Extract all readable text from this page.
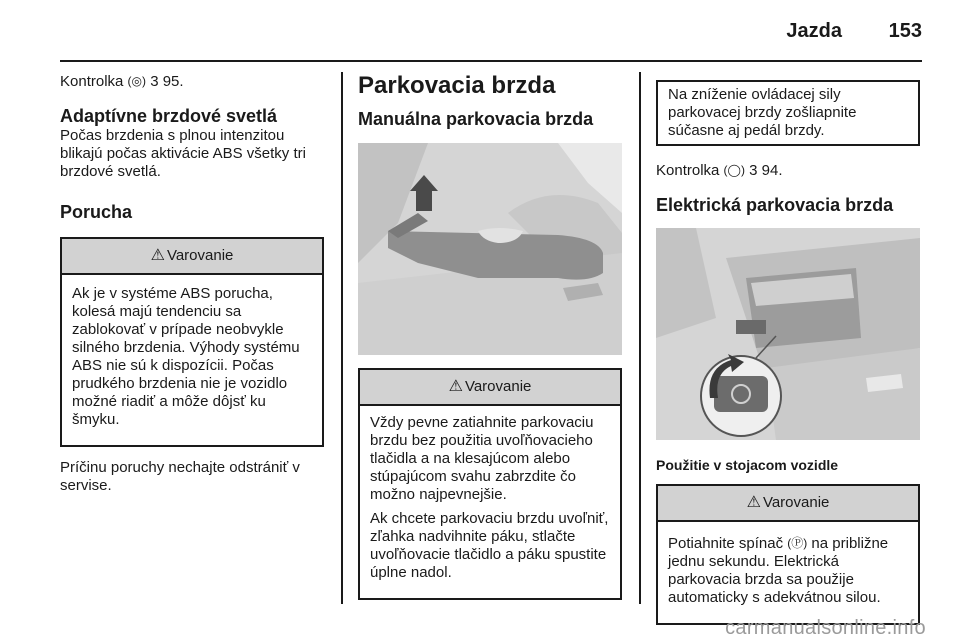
Jazda 153

Kontrolka (◎) 3 95.

Adaptívne brzdové svetlá

Počas brzdenia s plnou intenzitou blikajú počas aktivácie ABS všetky tri brzdové svetlá.

Porucha
⚠ Varovanie

Ak je v systéme ABS porucha, kolesá majú tendenciu sa zablokovať v prípade neobvykle silného brzdenia. Výhody systému ABS nie sú k dispozícii. Počas prudkého brzdenia nie je vozidlo možné riadiť a môže dôjsť ku šmyku.

Príčinu poruchy nechajte odstrániť v servise.

Parkovacia brzda
Manuálna parkovacia brzda
⚠ Varovanie

Vždy pevne zatiahnite parkovaciu brzdu bez použitia uvoľňovacieho tlačidla a na klesajúcom alebo stúpajúcom svahu zabrzdite čo možno najpevnejšie.

Ak chcete parkovaciu brzdu uvoľniť, zľahka nadvihnite páku, stlačte uvoľňovacie tlačidlo a páku spustite úplne nadol.

Na zníženie ovládacej sily parkovacej brzdy zošliapnite súčasne aj pedál brzdy.

Kontrolka (◯) 3 94.

Elektrická parkovacia brzda
Použitie v stojacom vozidle
⚠ Varovanie

Potiahnite spínač (Ⓟ) na približne jednu sekundu. Elektrická parkovacia brzda sa použije automaticky s adekvátnou silou.

carmanualsonline.info
